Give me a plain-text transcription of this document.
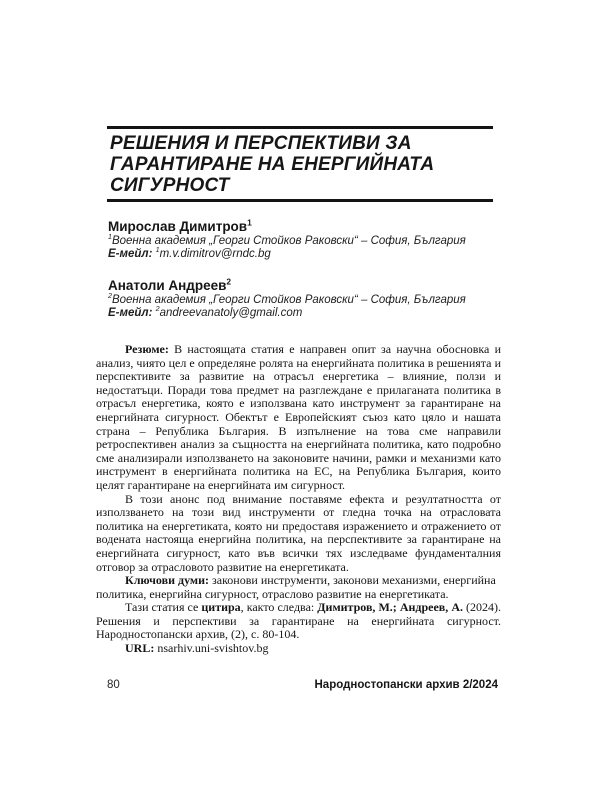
РЕШЕНИЯ И ПЕРСПЕКТИВИ ЗА
ГАРАНТИРАНЕ НА ЕНЕРГИЙНАТА
СИГУРНОСТ
Мирослав Димитров$^1$
$^1$Военна академия „Георги Стойков Раковски“ – София, България
Е-мейл: $^1$m.v.dimitrov@rndc.bg
Анатоли Андреев$^2$
$^2$Военна академия „Георги Стойков Раковски“ – София, България
Е-мейл: $^2$andreevanatoly@gmail.com

Резюме: В настоящата статия е направен опит за научна обосновка и анализ, чиято цел е определяне ролята на енергийната политика в решенията и перспективите за развитие на отрасъл енергетика – влияние, ползи и недостатъци. Поради това предмет на разглеждане е прилаганата политика в отрасъл енергетика, която е използвана като инструмент за гарантиране на енергийната сигурност. Обектът е Европейският съюз като цяло и нашата страна – Република България. В изпълнение на това сме направили ретроспективен анализ за същността на енергийната политика, като подробно сме анализирали използването на законовите начини, рамки и механизми като инструмент в енергийната политика на ЕС, на Република България, които целят гарантиране на енергийната им сигурност.

В този анонс под внимание поставяме ефекта и резултатността от използването на този вид инструменти от гледна точка на отрасловата политика на енергетиката, която ни предоставя изражението и отражението от водената настояща енергийна политика, на перспективите за гарантиране на енергийната сигурност, като във всички тях изследваме фундаменталния отговор за отрасловото развитие на енергетиката.

Ключови думи: законови инструменти, законови механизми, енергийна политика, енергийна сигурност, отраслово развитие на енергетиката.

Тази статия се цитира, както следва: Димитров, М.; Андреев, А. (2024). Решения и перспективи за гарантиране на енергийната сигурност. Народностопански архив, (2), с. 80-104.

URL: nsarhiv.uni-svishtov.bg

80	Народностопански архив 2/2024
